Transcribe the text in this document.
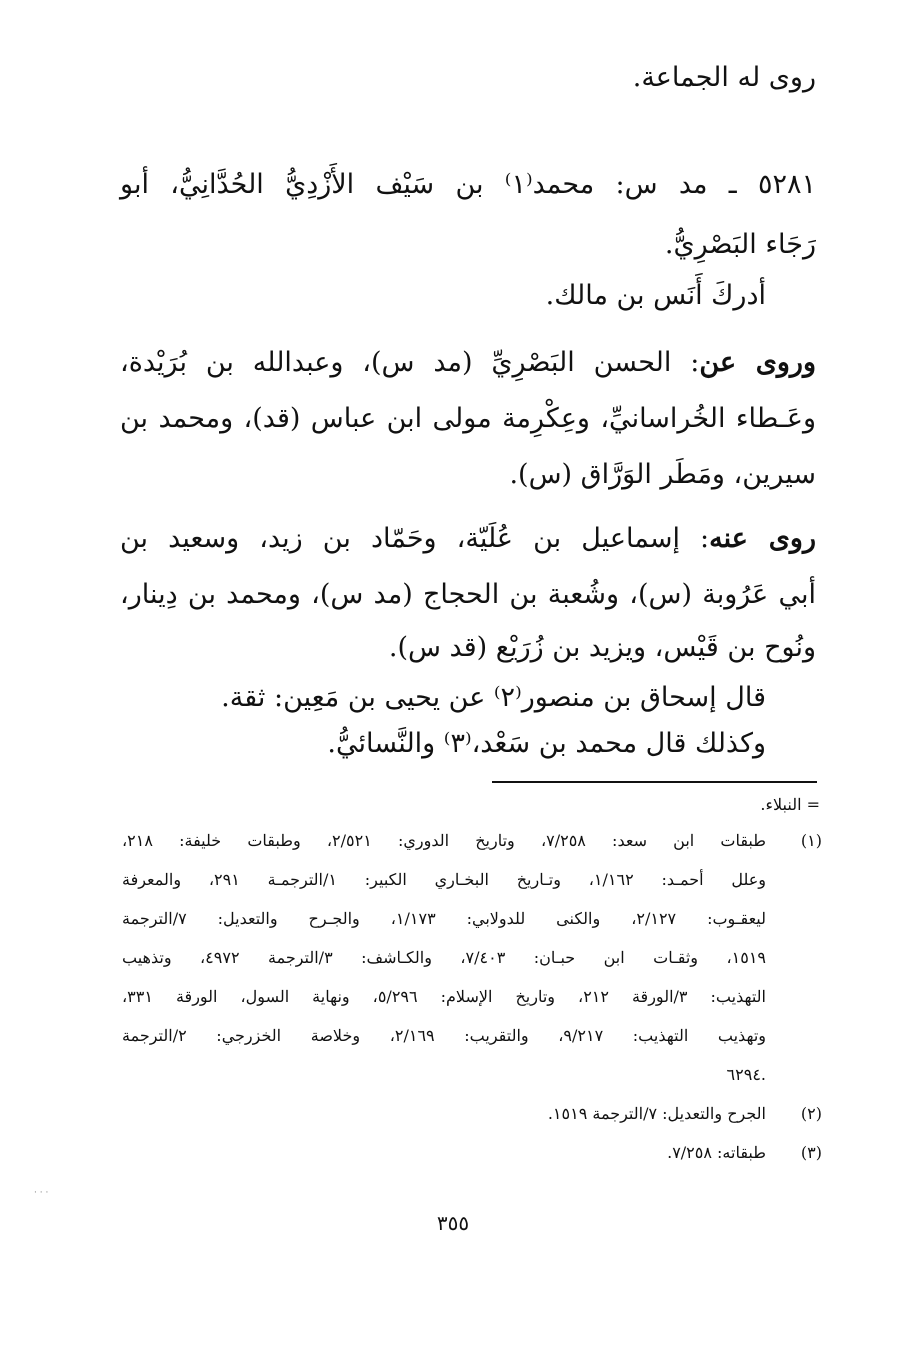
روى له الجماعة.
٥٢٨١ ـ مد س: محمد⁽١⁾ بن سَيْف الأَزْدِيُّ الحُدَّانِيُّ، أبو
رَجَاء البَصْرِيُّ.
أدركَ أَنَس بن مالك.
وروى عن: الحسن البَصْرِيِّ (مد س)، وعبدالله بن بُرَيْدة،
وعَـطاء الخُراسانيِّ، وعِكْرِمة مولى ابن عباس (قد)، ومحمد بن
سيرين، ومَطَر الوَرَّاق (س).
روى عنه: إسماعيل بن عُلَيّة، وحَمّاد بن زيد، وسعيد بن
أبي عَرُوبة (س)، وشُعبة بن الحجاج (مد س)، ومحمد بن دِينار،
ونُوح بن قَيْس، ويزيد بن زُرَيْع (قد س).
قال إسحاق بن منصور⁽٢⁾ عن يحيى بن مَعِين: ثقة.
وكذلك قال محمد بن سَعْد،⁽٣⁾ والنَّسائيُّ.
= النبلاء.
(١)
طبقات ابن سعد: ٧/٢٥٨، وتاريخ الدوري: ٢/٥٢١، وطبقات خليفة: ٢١٨،
وعلل أحمـد: ١/١٦٢، وتـاريخ البخـاري الكبير: ١/الترجمـة ٢٩١، والمعرفة
ليعقـوب: ٢/١٢٧، والكنى للدولابي: ١/١٧٣، والجـرح والتعديل: ٧/الترجمة
١٥١٩، وثقـات ابن حبـان: ٧/٤٠٣، والكـاشف: ٣/الترجمة ٤٩٧٢، وتذهيب
التهذيب: ٣/الورقة ٢١٢، وتاريخ الإسلام: ٥/٢٩٦، ونهاية السول، الورقة ٣٣١،
وتهذيب التهذيب: ٩/٢١٧، والتقريب: ٢/١٦٩، وخلاصة الخزرجي: ٢/الترجمة
٦٢٩٤.
(٢)
الجرح والتعديل: ٧/الترجمة ١٥١٩.
(٣)
طبقاته: ٧/٢٥٨.
· · ·
٣٥٥
